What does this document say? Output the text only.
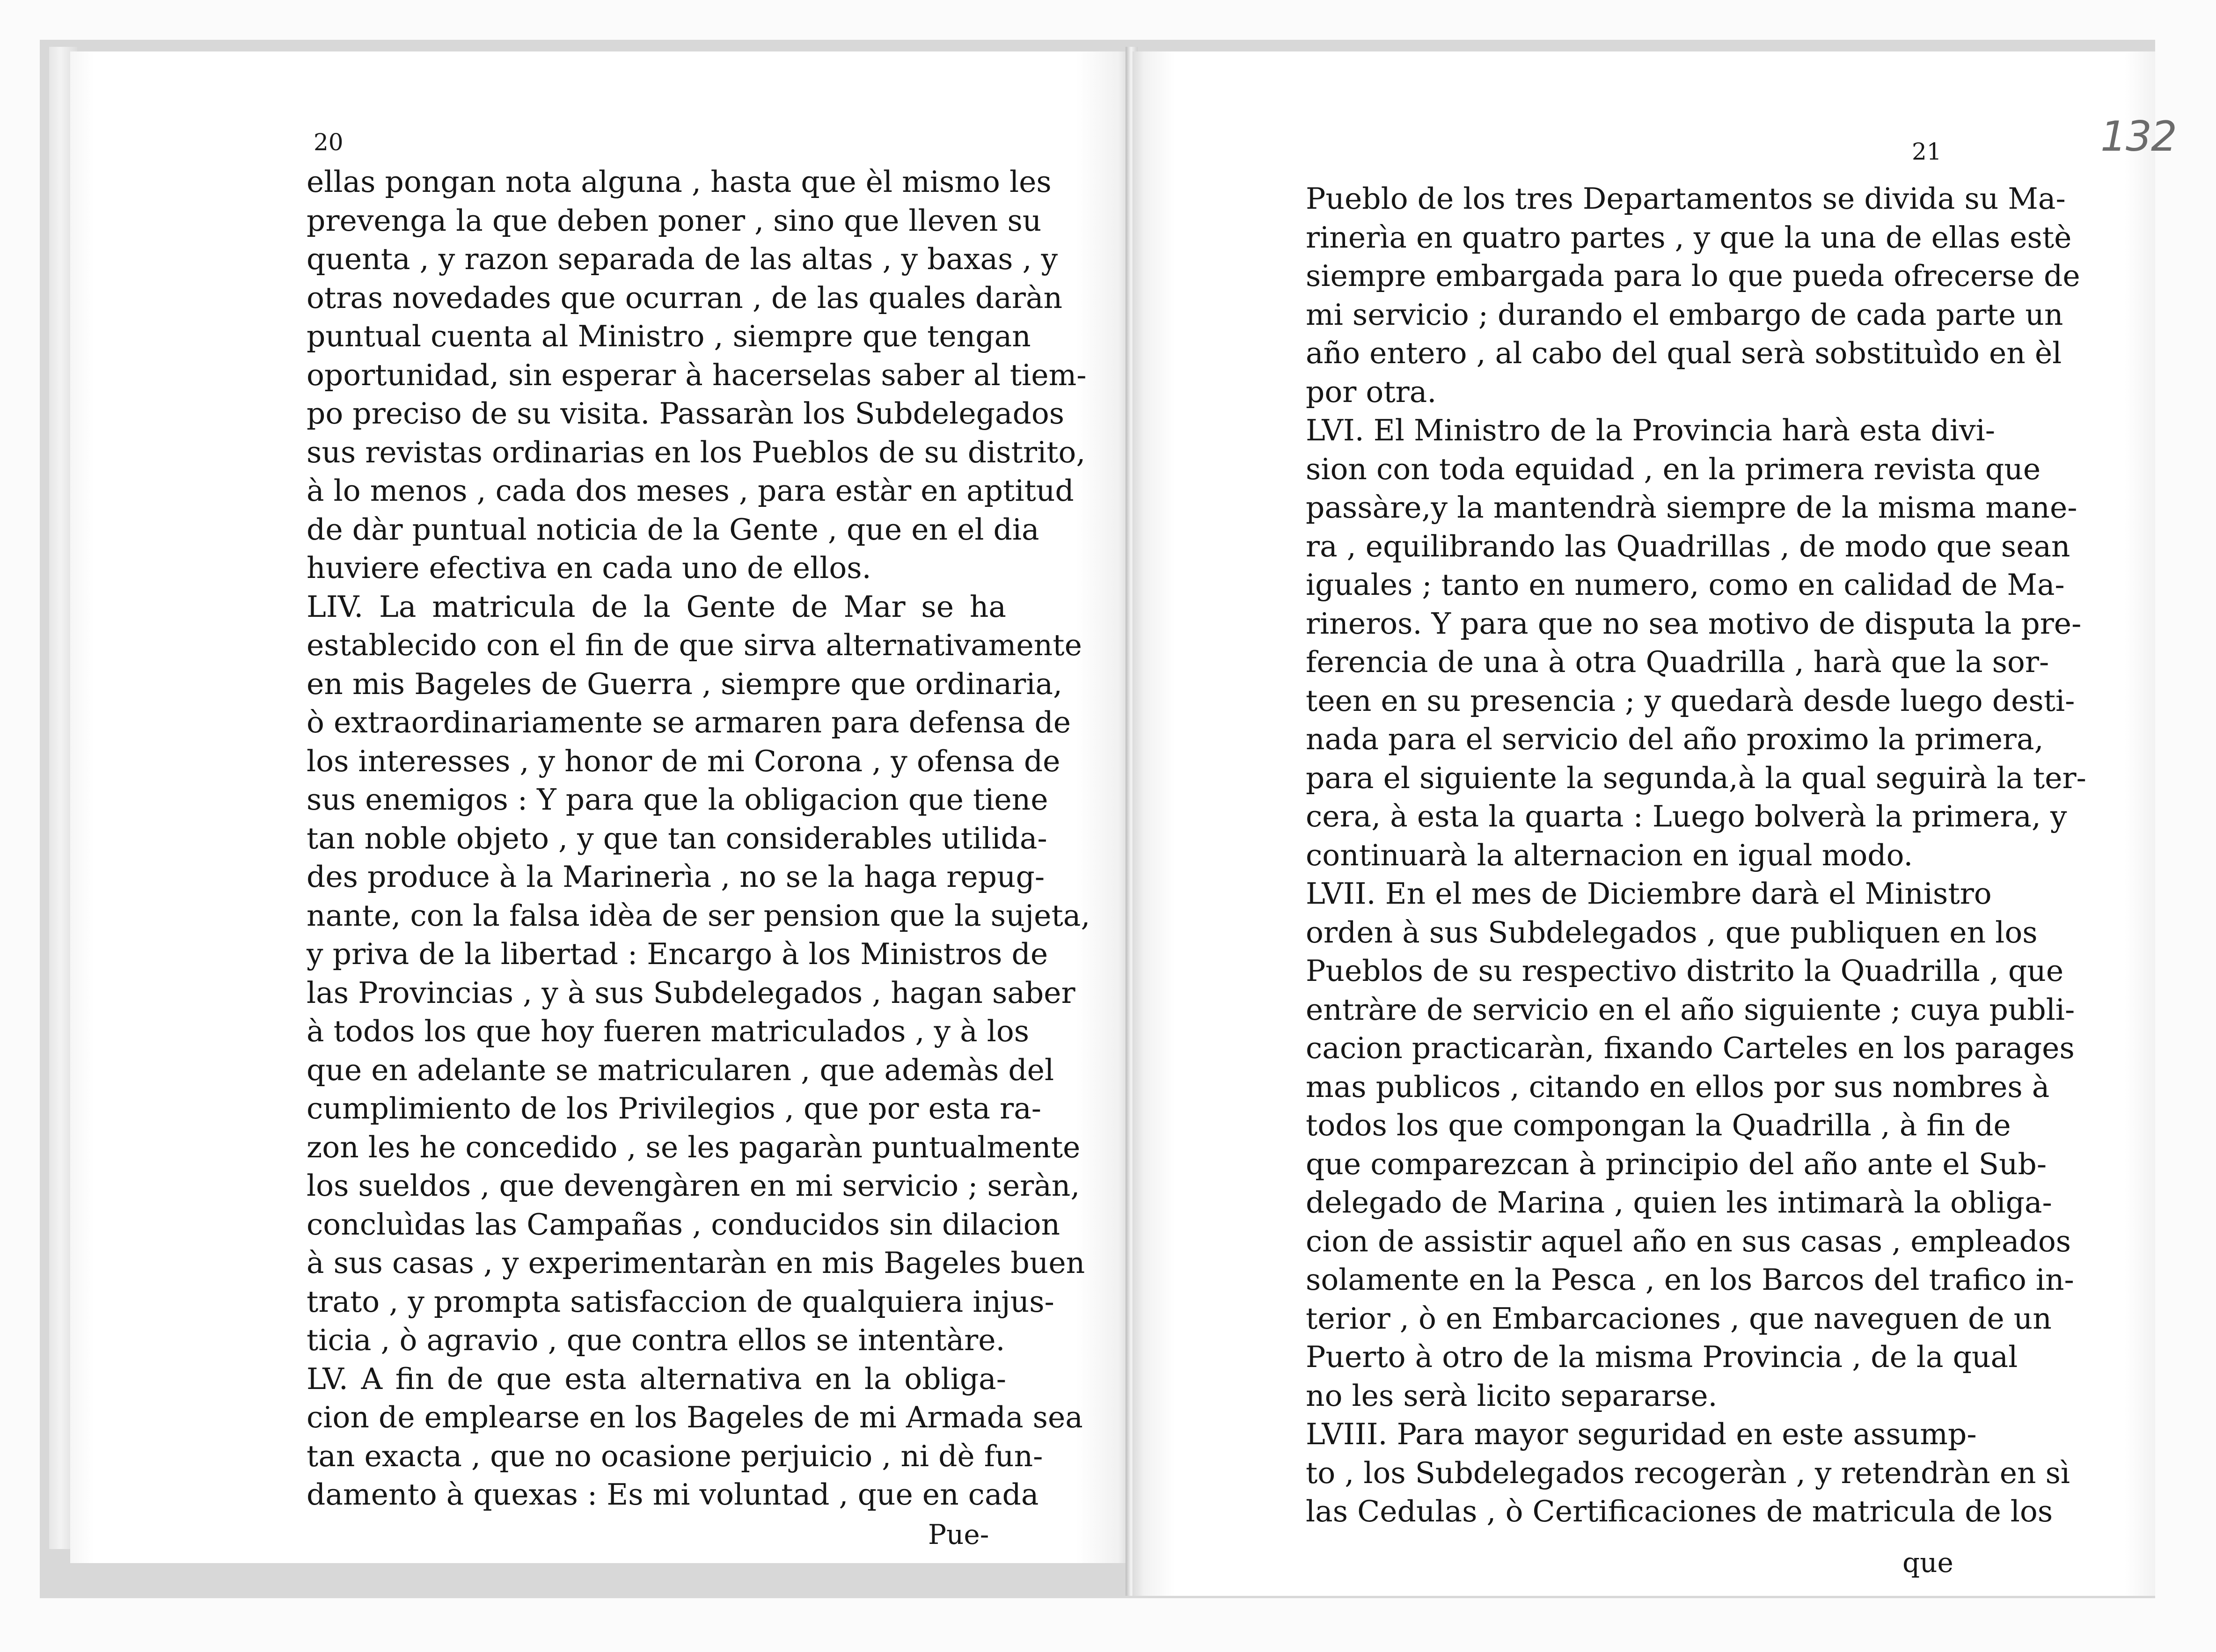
20
ellas pongan nota alguna , hasta que èl mismo les
prevenga la que deben poner , sino que lleven su
quenta , y razon separada de las altas , y baxas , y
otras novedades que ocurran , de las quales daràn
puntual cuenta al Ministro , siempre que tengan
oportunidad, sin esperar à hacerselas saber al tiem-
po preciso de su visita. Passaràn los Subdelegados
sus revistas ordinarias en los Pueblos de su distrito,
à lo menos , cada dos meses , para estàr en aptitud
de dàr puntual noticia de la Gente , que en el dia
huviere efectiva en cada uno de ellos.
LIV. La matricula de la Gente de Mar se ha
establecido con el fin de que sirva alternativamente
en mis Bageles de Guerra , siempre que ordinaria,
ò extraordinariamente se armaren para defensa de
los interesses , y honor de mi Corona , y ofensa de
sus enemigos : Y para que la obligacion que tiene
tan noble objeto , y que tan considerables utilida-
des produce à la Marinerìa , no se la haga repug-
nante, con la falsa idèa de ser pension que la sujeta,
y priva de la libertad : Encargo à los Ministros de
las Provincias , y à sus Subdelegados , hagan saber
à todos los que hoy fueren matriculados , y à los
que en adelante se matricularen , que ademàs del
cumplimiento de los Privilegios , que por esta ra-
zon les he concedido , se les pagaràn puntualmente
los sueldos , que devengàren en mi servicio ; seràn,
concluìdas las Campañas , conducidos sin dilacion
à sus casas , y experimentaràn en mis Bageles buen
trato , y prompta satisfaccion de qualquiera injus-
ticia , ò agravio , que contra ellos se intentàre.
LV. A fin de que esta alternativa en la obliga-
cion de emplearse en los Bageles de mi Armada sea
tan exacta , que no ocasione perjuicio , ni dè fun-
damento à quexas : Es mi voluntad , que en cada
Pue-
21
Pueblo de los tres Departamentos se divida su Ma-
rinerìa en quatro partes , y que la una de ellas estè
siempre embargada para lo que pueda ofrecerse de
mi servicio ; durando el embargo de cada parte un
año entero , al cabo del qual serà sobstituìdo en èl
por otra.
LVI. El Ministro de la Provincia harà esta divi-
sion con toda equidad , en la primera revista que
passàre,y la mantendrà siempre de la misma mane-
ra , equilibrando las Quadrillas , de modo que sean
iguales ; tanto en numero, como en calidad de Ma-
rineros. Y para que no sea motivo de disputa la pre-
ferencia de una à otra Quadrilla , harà que la sor-
teen en su presencia ; y quedarà desde luego desti-
nada para el servicio del año proximo la primera,
para el siguiente la segunda,à la qual seguirà la ter-
cera, à esta la quarta : Luego bolverà la primera, y
continuarà la alternacion en igual modo.
LVII. En el mes de Diciembre darà el Ministro
orden à sus Subdelegados , que publiquen en los
Pueblos de su respectivo distrito la Quadrilla , que
entràre de servicio en el año siguiente ; cuya publi-
cacion practicaràn, fixando Carteles en los parages
mas publicos , citando en ellos por sus nombres à
todos los que compongan la Quadrilla , à fin de
que comparezcan à principio del año ante el Sub-
delegado de Marina , quien les intimarà la obliga-
cion de assistir aquel año en sus casas , empleados
solamente en la Pesca , en los Barcos del trafico in-
terior , ò en Embarcaciones , que naveguen de un
Puerto à otro de la misma Provincia , de la qual
no les serà licito separarse.
LVIII. Para mayor seguridad en este assump-
to , los Subdelegados recogeràn , y retendràn en sì
las Cedulas , ò Certificaciones de matricula de los
que
132
